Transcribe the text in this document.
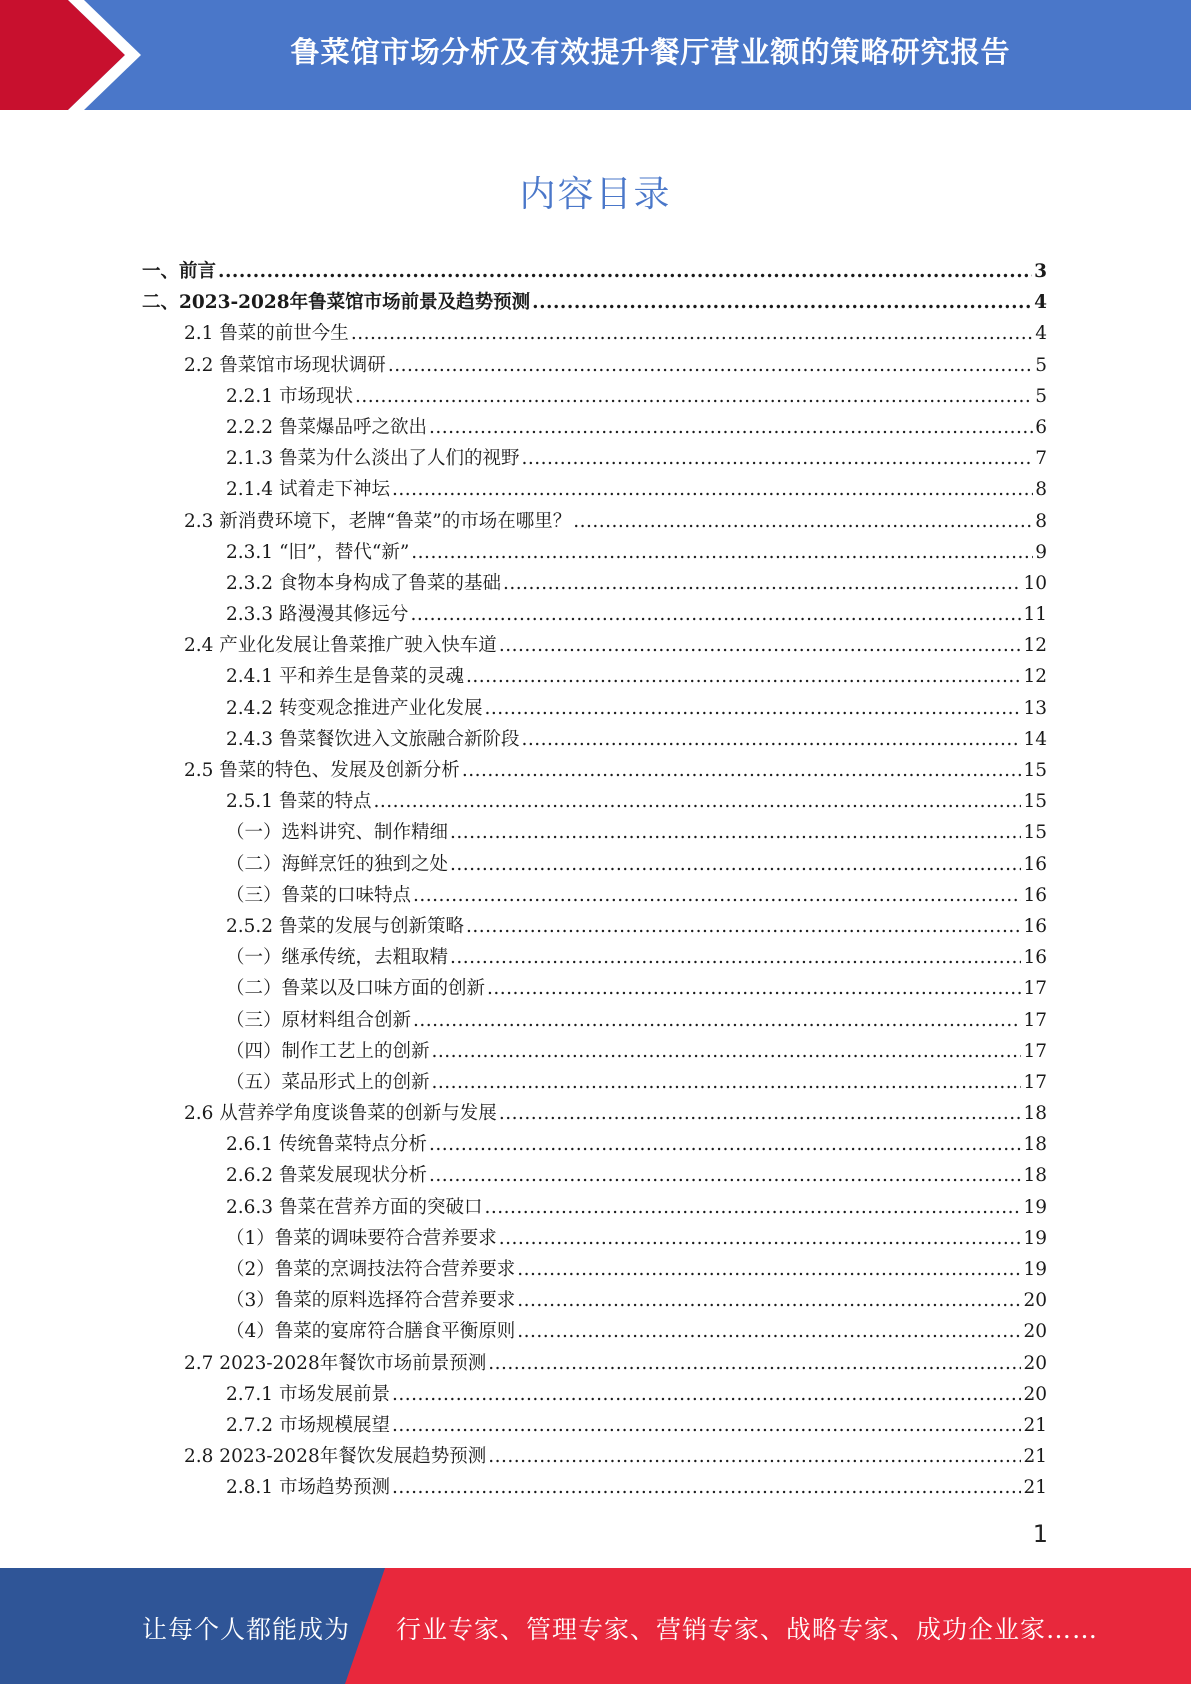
鲁菜馆市场分析及有效提升餐厅营业额的策略研究报告
内容目录
一、前言 .....	3
二、2023-2028年鲁菜馆市场前景及趋势预测 .....	4
2.1 鲁菜的前世今生 .....	4
2.2 鲁菜馆市场现状调研 .....	5
2.2.1 市场现状 .....	5
2.2.2 鲁菜爆品呼之欲出 .....	6
2.1.3 鲁菜为什么淡出了人们的视野 .....	7
2.1.4 试着走下神坛 .....	8
2.3 新消费环境下，老牌“鲁菜”的市场在哪里？ .....	8
2.3.1 “旧”，替代“新” .....	9
2.3.2 食物本身构成了鲁菜的基础 .....	10
2.3.3 路漫漫其修远兮 .....	11
2.4 产业化发展让鲁菜推广驶入快车道 .....	12
2.4.1 平和养生是鲁菜的灵魂 .....	12
2.4.2 转变观念推进产业化发展 .....	13
2.4.3 鲁菜餐饮进入文旅融合新阶段 .....	14
2.5 鲁菜的特色、发展及创新分析 .....	15
2.5.1 鲁菜的特点 .....	15
（一）选料讲究、制作精细 .....	15
（二）海鲜烹饪的独到之处 .....	16
（三）鲁菜的口味特点 .....	16
2.5.2 鲁菜的发展与创新策略 .....	16
（一）继承传统，去粗取精 .....	16
（二）鲁菜以及口味方面的创新 .....	17
（三）原材料组合创新 .....	17
（四）制作工艺上的创新 .....	17
（五）菜品形式上的创新 .....	17
2.6 从营养学角度谈鲁菜的创新与发展 .....	18
2.6.1 传统鲁菜特点分析 .....	18
2.6.2 鲁菜发展现状分析 .....	18
2.6.3 鲁菜在营养方面的突破口 .....	19
（1）鲁菜的调味要符合营养要求 .....	19
（2）鲁菜的烹调技法符合营养要求 .....	19
（3）鲁菜的原料选择符合营养要求 .....	20
（4）鲁菜的宴席符合膳食平衡原则 .....	20
2.7 2023-2028年餐饮市场前景预测 .....	20
2.7.1 市场发展前景 .....	20
2.7.2 市场规模展望 .....	21
2.8 2023-2028年餐饮发展趋势预测 .....	21
2.8.1 市场趋势预测 .....	21
1
让每个人都能成为 行业专家、管理专家、营销专家、战略专家、成功企业家……
